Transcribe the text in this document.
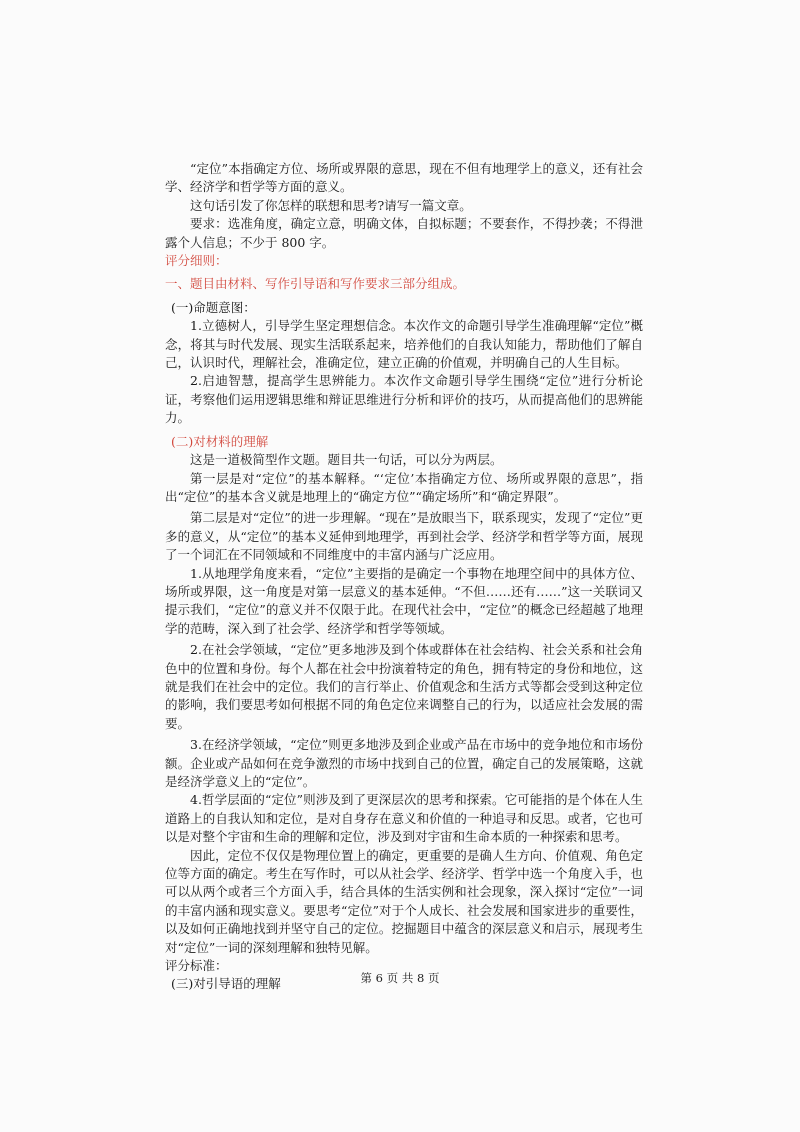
“定位”本指确定方位、场所或界限的意思，现在不但有地理学上的意义，还有社会学、经济学和哲学等方面的意义。

这句话引发了你怎样的联想和思考?请写一篇文章。

要求：选准角度，确定立意，明确文体，自拟标题；不要套作，不得抄袭；不得泄露个人信息；不少于 800 字。

评分细则：

一、题目由材料、写作引导语和写作要求三部分组成。

(一)命题意图：

1.立德树人，引导学生坚定理想信念。本次作文的命题引导学生准确理解“定位”概念，将其与时代发展、现实生活联系起来，培养他们的自我认知能力，帮助他们了解自己，认识时代，理解社会，准确定位，建立正确的价值观，并明确自己的人生目标。

2.启迪智慧，提高学生思辨能力。本次作文命题引导学生围绕“定位”进行分析论证，考察他们运用逻辑思维和辩证思维进行分析和评价的技巧，从而提高他们的思辨能力。

(二)对材料的理解

这是一道极简型作文题。题目共一句话，可以分为两层。

第一层是对“定位”的基本解释。“‘定位’本指确定方位、场所或界限的意思”，指出“定位”的基本含义就是地理上的“确定方位”“确定场所”和“确定界限”。

第二层是对“定位”的进一步理解。“现在”是放眼当下，联系现实，发现了“定位”更多的意义，从“定位”的基本义延伸到地理学，再到社会学、经济学和哲学等方面，展现了一个词汇在不同领域和不同维度中的丰富内涵与广泛应用。

1.从地理学角度来看，“定位”主要指的是确定一个事物在地理空间中的具体方位、场所或界限，这一角度是对第一层意义的基本延伸。“不但……还有……”这一关联词又提示我们，“定位”的意义并不仅限于此。在现代社会中，“定位”的概念已经超越了地理学的范畴，深入到了社会学、经济学和哲学等领域。

2.在社会学领域，“定位”更多地涉及到个体或群体在社会结构、社会关系和社会角色中的位置和身份。每个人都在社会中扮演着特定的角色，拥有特定的身份和地位，这就是我们在社会中的定位。我们的言行举止、价值观念和生活方式等都会受到这种定位的影响，我们要思考如何根据不同的角色定位来调整自己的行为，以适应社会发展的需要。

3.在经济学领域，“定位”则更多地涉及到企业或产品在市场中的竞争地位和市场份额。企业或产品如何在竞争激烈的市场中找到自己的位置，确定自己的发展策略，这就是经济学意义上的“定位”。

4.哲学层面的“定位”则涉及到了更深层次的思考和探索。它可能指的是个体在人生道路上的自我认知和定位，是对自身存在意义和价值的一种追寻和反思。或者，它也可以是对整个宇宙和生命的理解和定位，涉及到对宇宙和生命本质的一种探索和思考。

因此，定位不仅仅是物理位置上的确定，更重要的是确人生方向、价值观、角色定位等方面的确定。考生在写作时，可以从社会学、经济学、哲学中选一个角度入手，也可以从两个或者三个方面入手，结合具体的生活实例和社会现象，深入探讨“定位”一词的丰富内涵和现实意义。要思考“定位”对于个人成长、社会发展和国家进步的重要性，以及如何正确地找到并坚守自己的定位。挖掘题目中蕴含的深层意义和启示，展现考生对“定位”一词的深刻理解和独特见解。

评分标准：

(三)对引导语的理解	第 6 页 共 8 页
